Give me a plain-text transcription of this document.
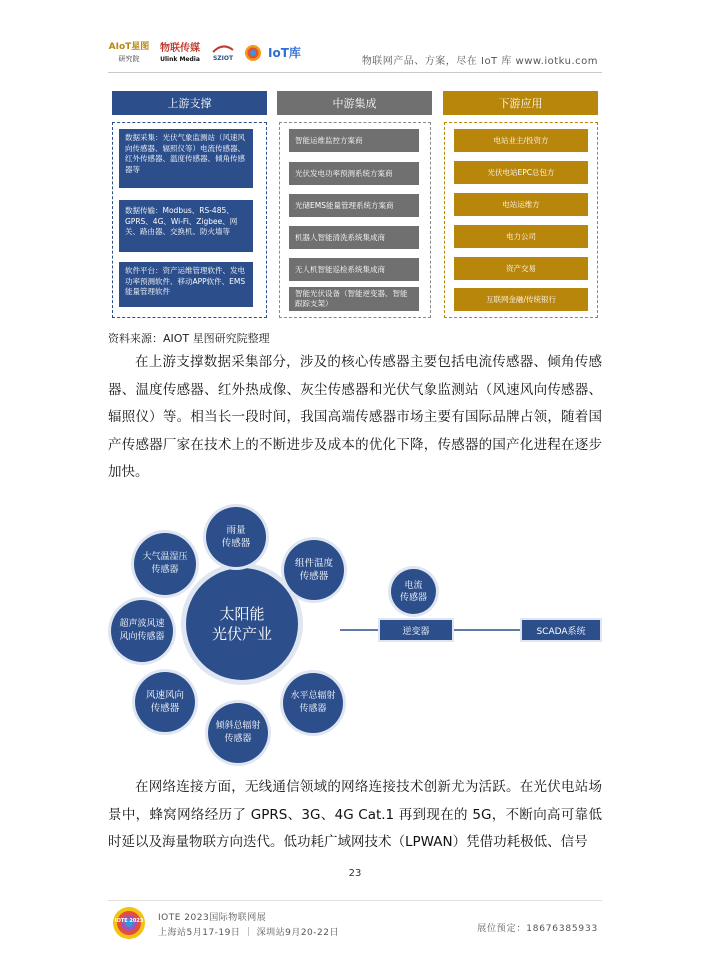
AIoT星图
研究院
物联传媒
Ulink Media SZIOT	IoT库
物联网产品、方案，尽在 IoT 库 www.iotku.com
上游支撑	中游集成	下游应用
数据采集：光伏气象监测站（风速风向传感器、辐照仪等）电流传感器、红外传感器、温度传感器、倾角传感器等
数据传输：Modbus、RS-485、GPRS、4G、Wi-Fi、Zigbee、网关、路由器、交换机、防火墙等
软件平台：资产运维管理软件、发电功率预测软件、移动APP软件、EMS能量管理软件
智能运维监控方案商
光伏发电功率预测系统方案商
光储EMS能量管理系统方案商
机器人智能清洗系统集成商
无人机智能巡检系统集成商
智能光伏设备（智能逆变器、智能跟踪支架）
电站业主/投资方
光伏电站EPC总包方
电站运维方
电力公司
资产交易
互联网金融/传统银行
资料来源：AIOT 星图研究院整理
在上游支撑数据采集部分，涉及的核心传感器主要包括电流传感器、倾角传感器、温度传感器、红外热成像、灰尘传感器和光伏气象监测站（风速风向传感器、辐照仪）等。相当长一段时间，我国高端传感器市场主要有国际品牌占领，随着国产传感器厂家在技术上的不断进步及成本的优化下降，传感器的国产化进程在逐步加快。
太阳能
光伏产业
雨量
传感器
组件温度
传感器
水平总辐射
传感器
倾斜总辐射
传感器
风速风向
传感器
超声波风速
风向传感器
大气温湿压
传感器
电流
传感器
逆变器	SCADA系统
在网络连接方面，无线通信领域的网络连接技术创新尤为活跃。在光伏电站场景中，蜂窝网络经历了 GPRS、3G、4G Cat.1 再到现在的 5G，不断向高可靠低时延以及海量物联方向迭代。低功耗广域网技术（LPWAN）凭借功耗极低、信号
23
IOTE 2023	IOTE 2023国际物联网展
上海站5月17-19日 ｜ 深圳站9月20-22日	展位预定：18676385933
